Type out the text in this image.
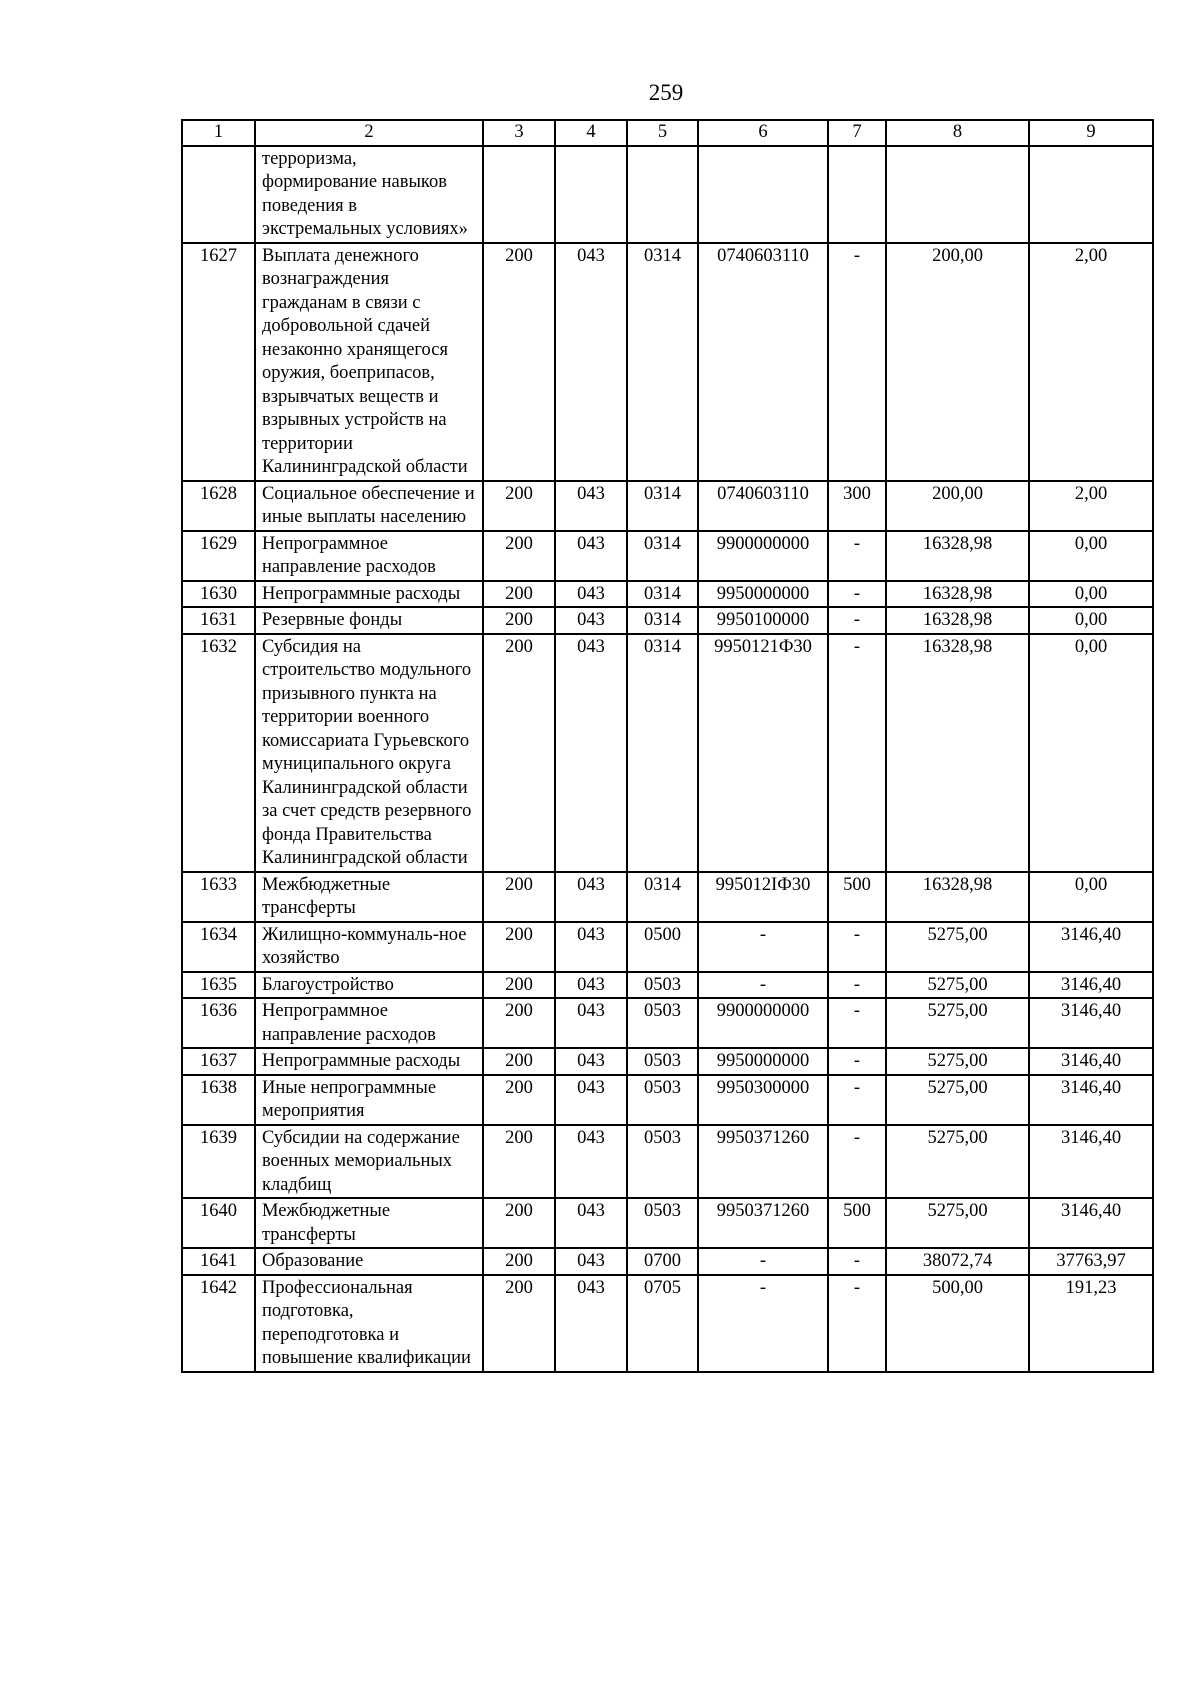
259
1	2	3	4	5	6	7	8	9
	терроризма, формирование навыков поведения в экстремальных условиях»							
1627	Выплата денежного вознаграждения гражданам в связи с добровольной сдачей незаконно хранящегося оружия, боеприпасов, взрывчатых веществ и взрывных устройств на территории Калининградской области	200	043	0314	0740603110	-	200,00	2,00
1628	Социальное обеспечение и иные выплаты населению	200	043	0314	0740603110	300	200,00	2,00
1629	Непрограммное направление расходов	200	043	0314	9900000000	-	16328,98	0,00
1630	Непрограммные расходы	200	043	0314	9950000000	-	16328,98	0,00
1631	Резервные фонды	200	043	0314	9950100000	-	16328,98	0,00
1632	Субсидия на строительство модульного призывного пункта на территории военного комиссариата Гурьевского муниципального округа Калининградской области за счет средств резервного фонда Правительства Калининградской области	200	043	0314	9950121Ф30	-	16328,98	0,00
1633	Межбюджетные трансферты	200	043	0314	995012IФ30	500	16328,98	0,00
1634	Жилищно-коммуналь-ное хозяйство	200	043	0500	-	-	5275,00	3146,40
1635	Благоустройство	200	043	0503	-	-	5275,00	3146,40
1636	Непрограммное направление расходов	200	043	0503	9900000000	-	5275,00	3146,40
1637	Непрограммные расходы	200	043	0503	9950000000	-	5275,00	3146,40
1638	Иные непрограммные мероприятия	200	043	0503	9950300000	-	5275,00	3146,40
1639	Субсидии на содержание военных мемориальных кладбищ	200	043	0503	9950371260	-	5275,00	3146,40
1640	Межбюджетные трансферты	200	043	0503	9950371260	500	5275,00	3146,40
1641	Образование	200	043	0700	-	-	38072,74	37763,97
1642	Профессиональная подготовка, переподготовка и повышение квалификации	200	043	0705	-	-	500,00	191,23
